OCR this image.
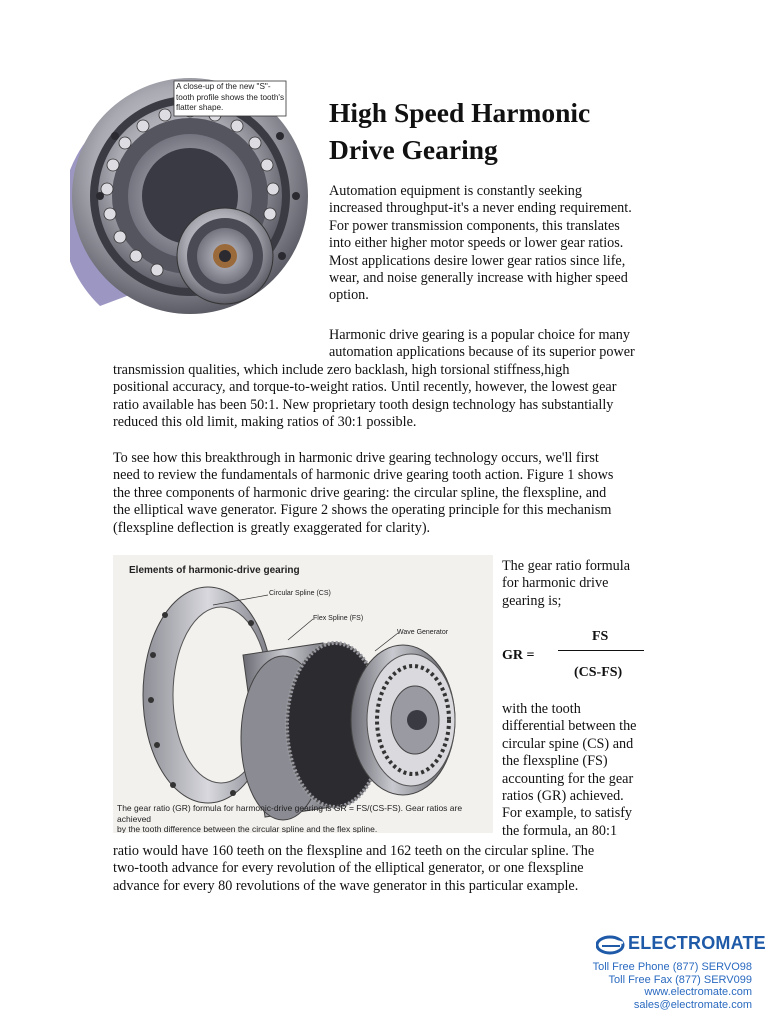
A close-up of the new "S"-tooth profile shows the tooth's flatter shape.	High Speed Harmonic
Drive Gearing
Automation equipment is constantly seeking
increased throughput-it's a never ending requirement.
For power transmission components, this translates
into either higher motor speeds or lower gear ratios.
Most applications desire lower gear ratios since life,
wear, and noise generally increase with higher speed
option.
Harmonic drive gearing is a popular choice for many
automation applications because of its superior power
transmission qualities, which include zero backlash, high torsional stiffness,high
positional accuracy, and torque-to-weight ratios. Until recently, however, the lowest gear
ratio available has been 50:1. New proprietary tooth design technology has substantially
reduced this old limit, making ratios of 30:1 possible.
To see how this breakthrough in harmonic drive gearing technology occurs, we'll first
need to review the fundamentals of harmonic drive gearing tooth action. Figure 1 shows
the three components of harmonic drive gearing: the circular spline, the flexspline, and
the elliptical wave generator. Figure 2 shows the operating principle for this mechanism
(flexspline deflection is greatly exaggerated for clarity).
Elements of harmonic-drive gearing
Circular Spline (CS)
Flex Spline (FS)
Wave Generator
The gear ratio (GR) formula for harmonic-drive gearing is GR = FS/(CS-FS). Gear ratios are achieved
by the tooth difference between the circular spline and the flex spline.
The gear ratio formula
for harmonic drive
gearing is;
GR =
FS
(CS-FS)
with the tooth
differential between the
circular spine (CS) and
the flexspline (FS)
accounting for the gear
ratios (GR) achieved.
For example, to satisfy
the formula, an 80:1
ratio would have 160 teeth on the flexspline and 162 teeth on the circular spline. The
two-tooth advance for every revolution of the elliptical generator, or one flexspline
advance for every 80 revolutions of the wave generator in this particular example.
ELECTROMATE
Toll Free Phone (877) SERVO98
Toll Free Fax (877) SERV099
www.electromate.com
sales@electromate.com
